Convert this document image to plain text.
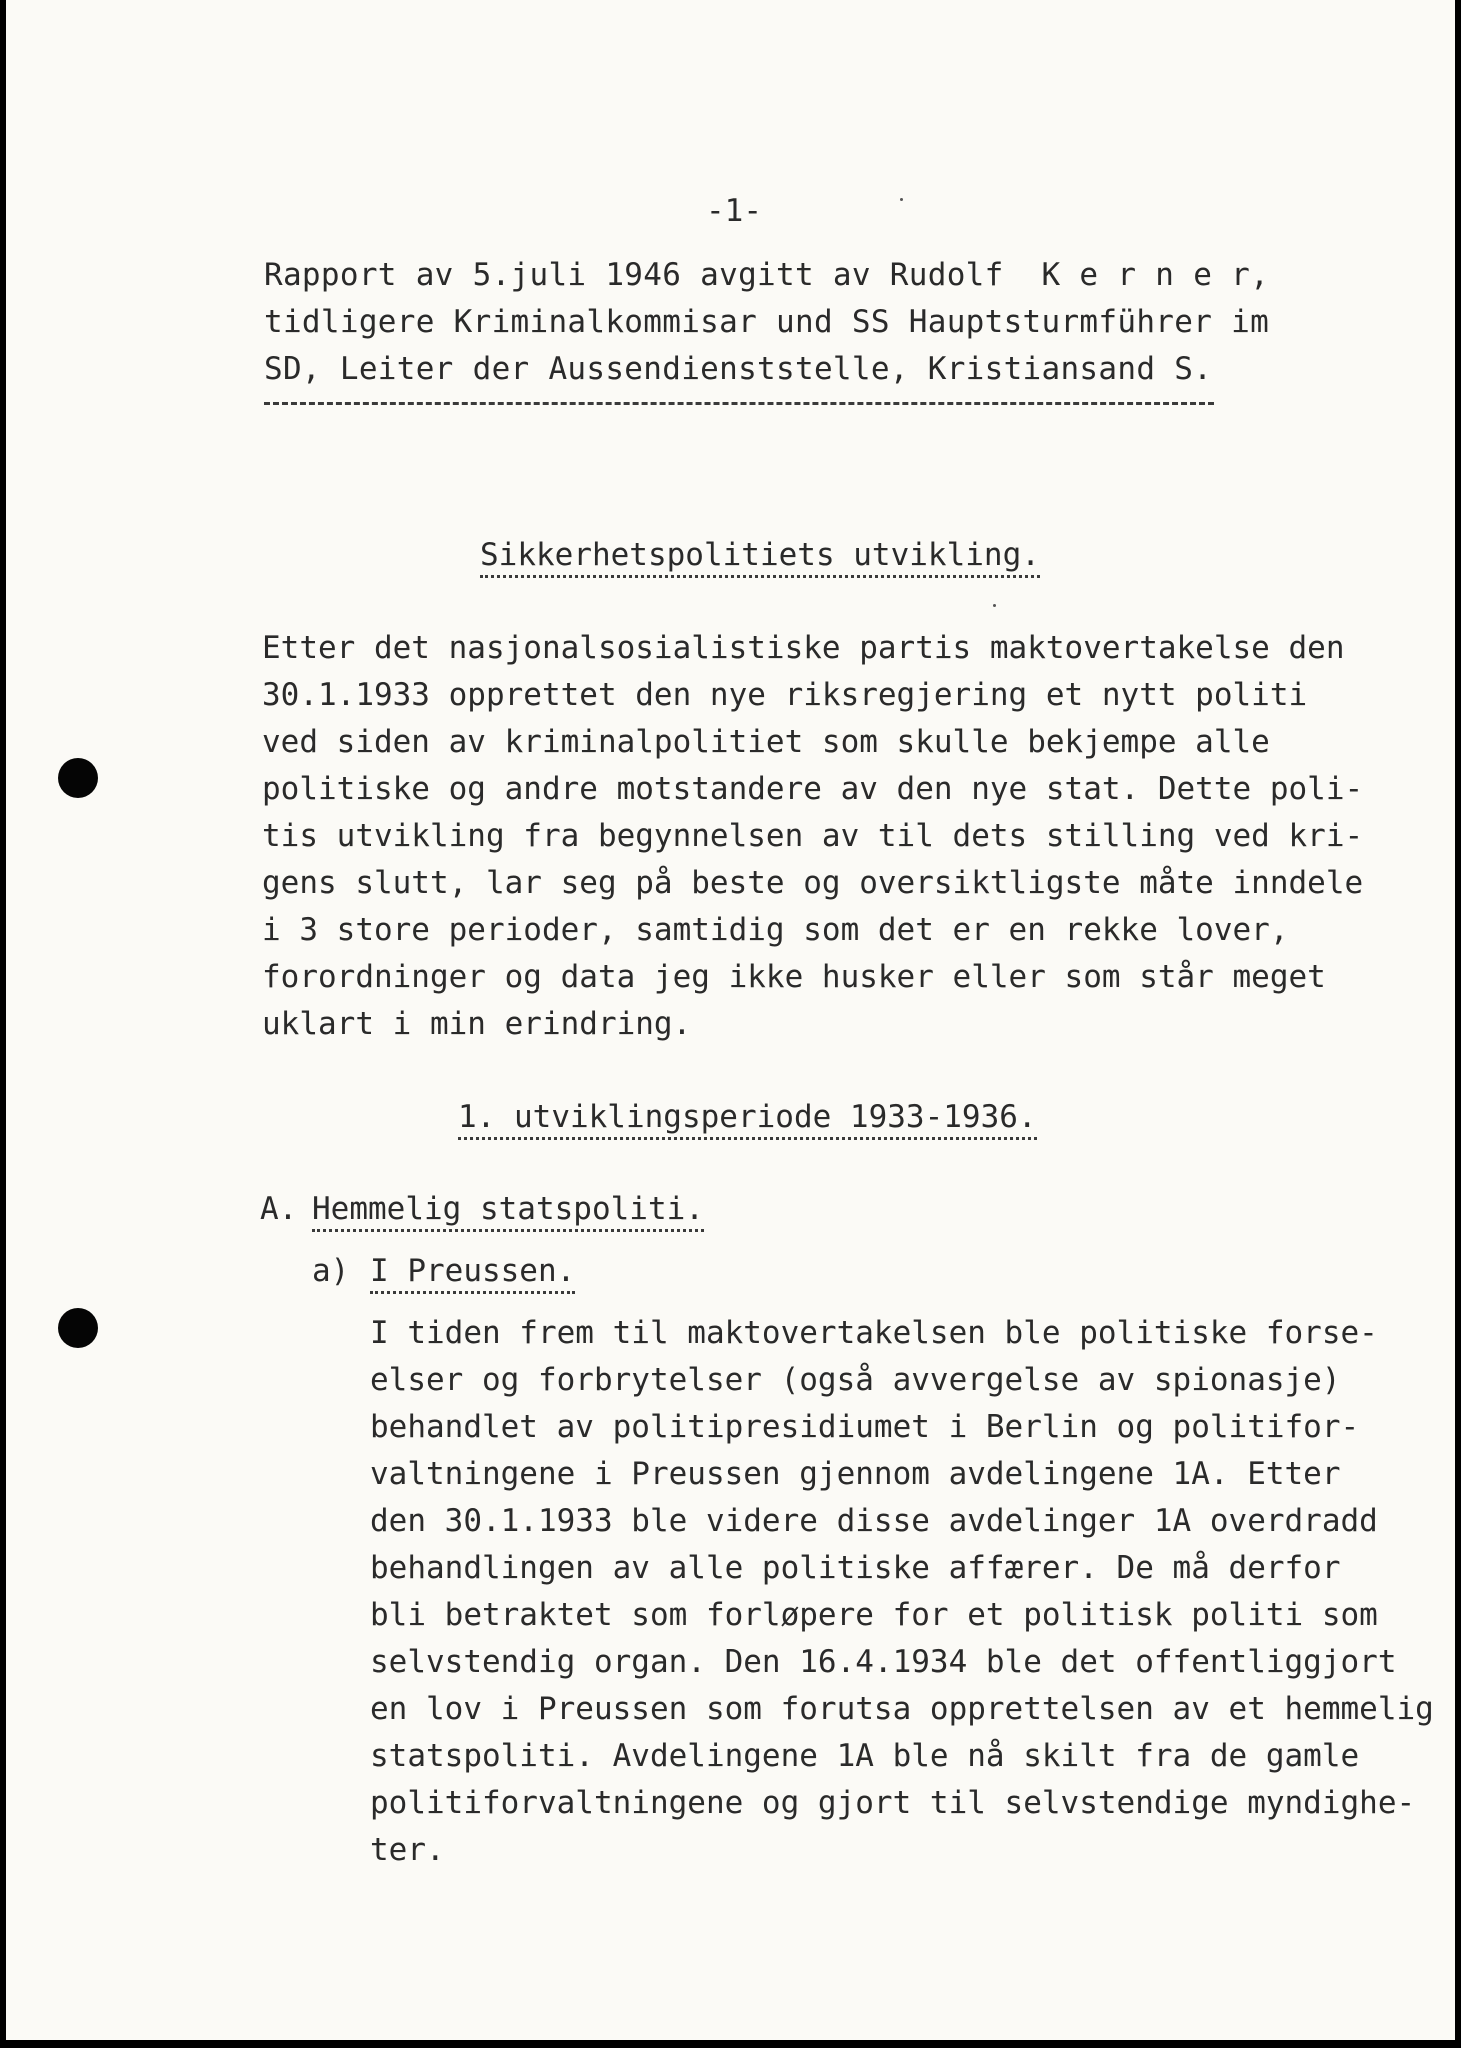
-1-
Rapport av 5.juli 1946 avgitt av Rudolf  K e r n e r,
tidligere Kriminalkommisar und SS Hauptsturmführer im
SD, Leiter der Aussendienststelle, Kristiansand S.
Sikkerhetspolitiets utvikling.
Etter det nasjonalsosialistiske partis maktovertakelse den
30.1.1933 opprettet den nye riksregjering et nytt politi
ved siden av kriminalpolitiet som skulle bekjempe alle
politiske og andre motstandere av den nye stat. Dette poli-
tis utvikling fra begynnelsen av til dets stilling ved kri-
gens slutt, lar seg på beste og oversiktligste måte inndele
i 3 store perioder, samtidig som det er en rekke lover,
forordninger og data jeg ikke husker eller som står meget
uklart i min erindring.
1. utviklingsperiode 1933-1936.
A. Hemmelig statspoliti.
a) I Preussen.
I tiden frem til maktovertakelsen ble politiske forse-
elser og forbrytelser (også avvergelse av spionasje)
behandlet av politipresidiumet i Berlin og politifor-
valtningene i Preussen gjennom avdelingene 1A. Etter
den 30.1.1933 ble videre disse avdelinger 1A overdradd
behandlingen av alle politiske affærer. De må derfor
bli betraktet som forløpere for et politisk politi som
selvstendig organ. Den 16.4.1934 ble det offentliggjort
en lov i Preussen som forutsa opprettelsen av et hemmelig
statspoliti. Avdelingene 1A ble nå skilt fra de gamle
politiforvaltningene og gjort til selvstendige myndighe-
ter.
